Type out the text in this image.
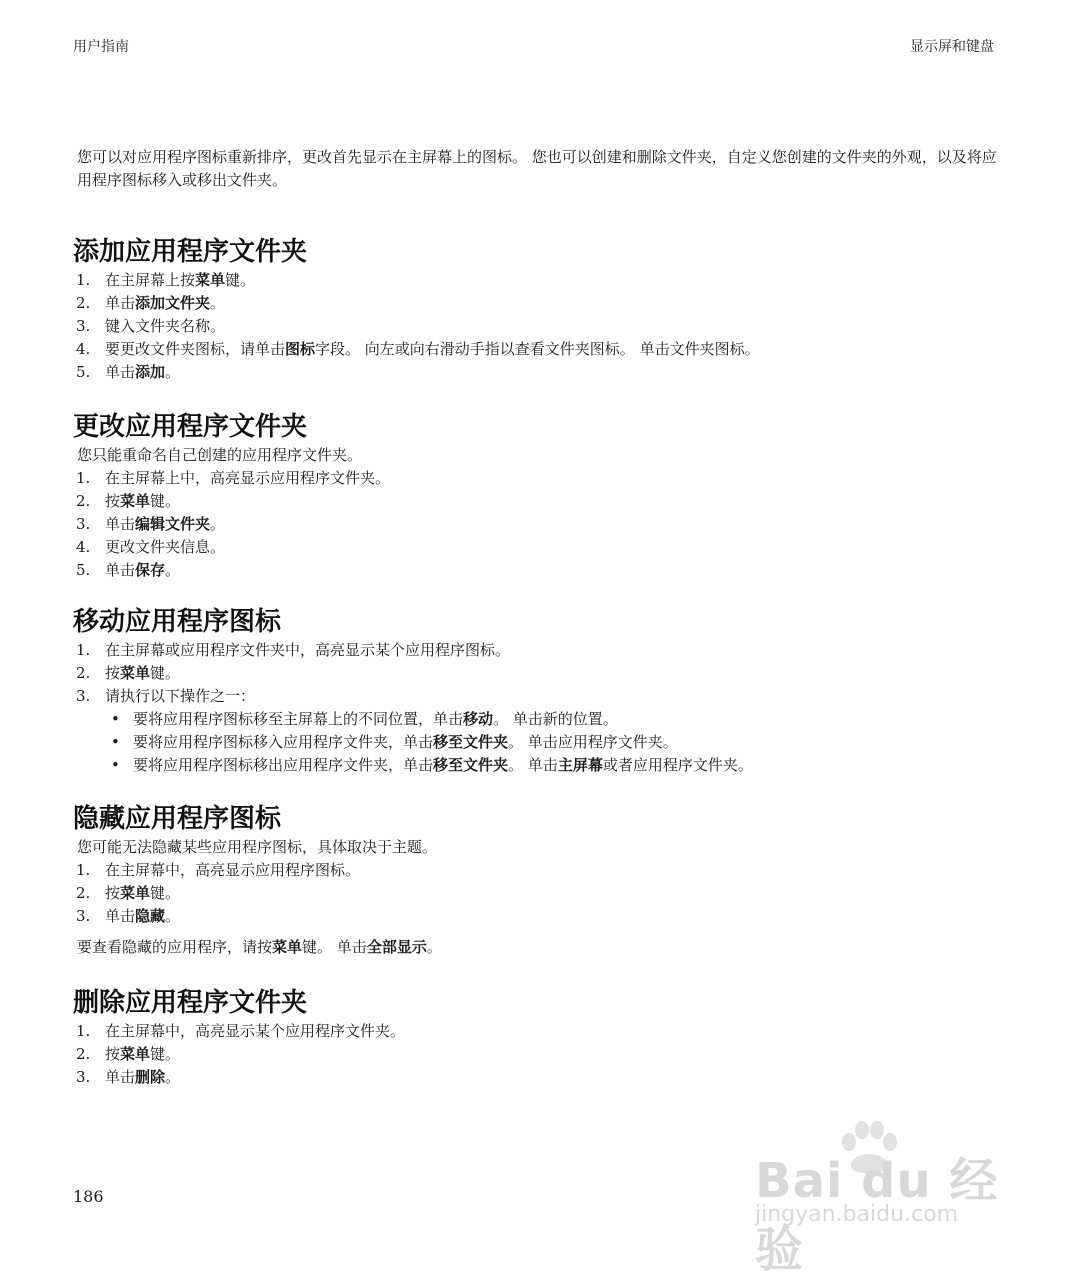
用户指南	显示屏和键盘

您可以对应用程序图标重新排序，更改首先显示在主屏幕上的图标。 您也可以创建和删除文件夹，自定义您创建的文件夹的外观，以及将应用程序图标移入或移出文件夹。

添加应用程序文件夹
1. 在主屏幕上按菜单键。
2. 单击添加文件夹。
3. 键入文件夹名称。
4. 要更改文件夹图标，请单击图标字段。 向左或向右滑动手指以查看文件夹图标。 单击文件夹图标。
5. 单击添加。
更改应用程序文件夹

您只能重命名自己创建的应用程序文件夹。

1. 在主屏幕上中，高亮显示应用程序文件夹。
2. 按菜单键。
3. 单击编辑文件夹。
4. 更改文件夹信息。
5. 单击保存。
移动应用程序图标
1. 在主屏幕或应用程序文件夹中，高亮显示某个应用程序图标。
2. 按菜单键。
3. 请执行以下操作之一：
• 要将应用程序图标移至主屏幕上的不同位置，单击移动。 单击新的位置。
• 要将应用程序图标移入应用程序文件夹，单击移至文件夹。 单击应用程序文件夹。
• 要将应用程序图标移出应用程序文件夹，单击移至文件夹。 单击主屏幕或者应用程序文件夹。
隐藏应用程序图标

您可能无法隐藏某些应用程序图标，具体取决于主题。

1. 在主屏幕中，高亮显示应用程序图标。
2. 按菜单键。
3. 单击隐藏。

要查看隐藏的应用程序，请按菜单键。 单击全部显示。

删除应用程序文件夹
1. 在主屏幕中，高亮显示某个应用程序文件夹。
2. 按菜单键。
3. 单击删除。
186	Bai du 经验
jingyan.baidu.com
